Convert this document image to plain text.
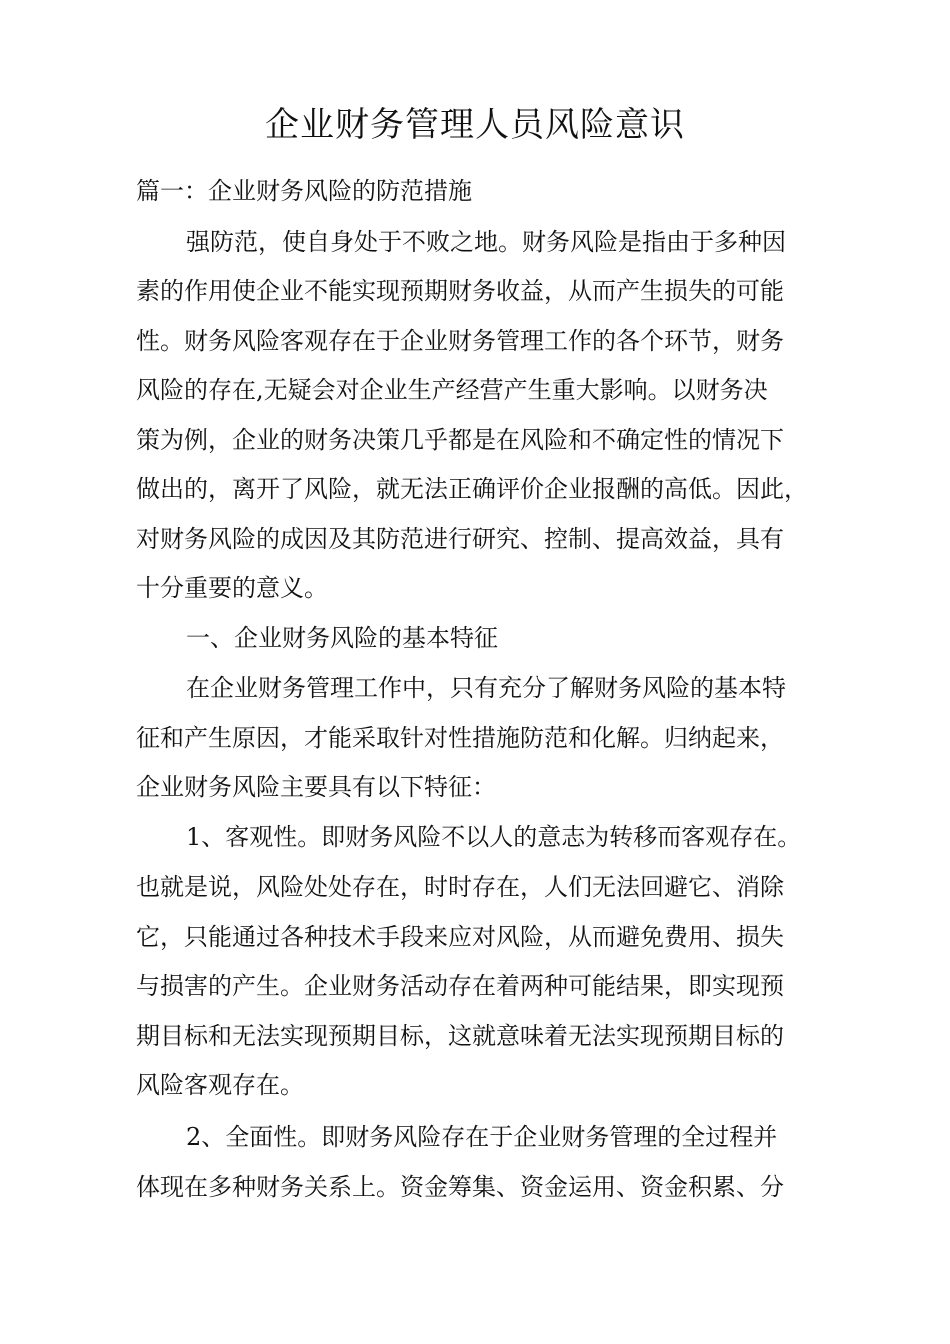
企业财务管理人员风险意识

篇一：企业财务风险的防范措施

强防范，使自身处于不败之地。财务风险是指由于多种因

素的作用使企业不能实现预期财务收益，从而产生损失的可能

性。财务风险客观存在于企业财务管理工作的各个环节，财务

风险的存在,无疑会对企业生产经营产生重大影响。以财务决

策为例，企业的财务决策几乎都是在风险和不确定性的情况下

做出的，离开了风险，就无法正确评价企业报酬的高低。因此，

对财务风险的成因及其防范进行研究、控制、提高效益，具有

十分重要的意义。

一、企业财务风险的基本特征

在企业财务管理工作中，只有充分了解财务风险的基本特

征和产生原因，才能采取针对性措施防范和化解。归纳起来，

企业财务风险主要具有以下特征：

1、客观性。即财务风险不以人的意志为转移而客观存在。

也就是说，风险处处存在，时时存在，人们无法回避它、消除

它，只能通过各种技术手段来应对风险，从而避免费用、损失

与损害的产生。企业财务活动存在着两种可能结果，即实现预

期目标和无法实现预期目标，这就意味着无法实现预期目标的

风险客观存在。

2、全面性。即财务风险存在于企业财务管理的全过程并

体现在多种财务关系上。资金筹集、资金运用、资金积累、分
